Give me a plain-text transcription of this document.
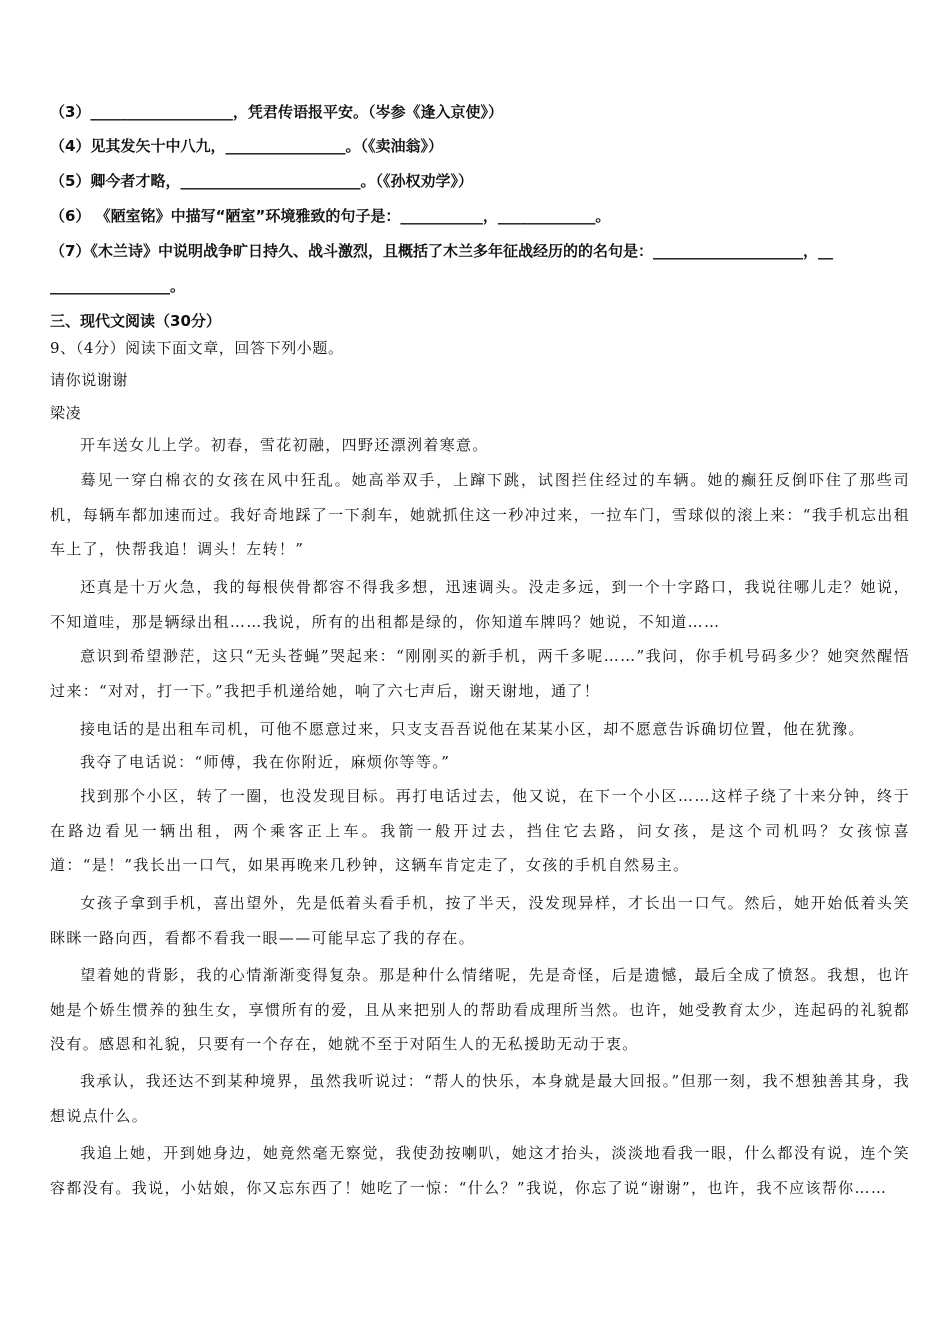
（3）___________________，凭君传语报平安。（岑参《逢入京使》）
（4）见其发矢十中八九，________________。（《卖油翁》）
（5）卿今者才略，________________________。（《孙权劝学》）
（6） 《陋室铭》中描写“陋室”环境雅致的句子是：___________，_____________。
（7）《木兰诗》中说明战争旷日持久、战斗激烈，且概括了木兰多年征战经历的的名句是：____________________，__
________________。
三、现代文阅读（30分）
9、（4分）阅读下面文章，回答下列小题。
请你说谢谢
梁凌
开车送女儿上学。初春，雪花初融，四野还漂洌着寒意。
蓦见一穿白棉衣的女孩在风中狂乱。她高举双手，上蹿下跳，试图拦住经过的车辆。她的癫狂反倒吓住了那些司机，每辆车都加速而过。我好奇地踩了一下刹车，她就抓住这一秒冲过来，一拉车门，雪球似的滚上来：“我手机忘出租车上了，快帮我追！调头！左转！”
还真是十万火急，我的每根侠骨都容不得我多想，迅速调头。没走多远，到一个十字路口，我说往哪儿走？她说，不知道哇，那是辆绿出租……我说，所有的出租都是绿的，你知道车牌吗？她说，不知道……
意识到希望渺茫，这只“无头苍蝇”哭起来：“刚刚买的新手机，两千多呢……”我问，你手机号码多少？她突然醒悟过来：“对对，打一下。”我把手机递给她，响了六七声后，谢天谢地，通了！
接电话的是出租车司机，可他不愿意过来，只支支吾吾说他在某某小区，却不愿意告诉确切位置，他在犹豫。
我夺了电话说：“师傅，我在你附近，麻烦你等等。”
找到那个小区，转了一圈，也没发现目标。再打电话过去，他又说，在下一个小区……这样子绕了十来分钟，终于在路边看见一辆出租，两个乘客正上车。我箭一般开过去，挡住它去路，问女孩，是这个司机吗？女孩惊喜道：“是！”我长出一口气，如果再晚来几秒钟，这辆车肯定走了，女孩的手机自然易主。
女孩子拿到手机，喜出望外，先是低着头看手机，按了半天，没发现异样，才长出一口气。然后，她开始低着头笑眯眯一路向西，看都不看我一眼——可能早忘了我的存在。
望着她的背影，我的心情渐渐变得复杂。那是种什么情绪呢，先是奇怪，后是遗憾，最后全成了愤怒。我想，也许她是个娇生惯养的独生女，享惯所有的爱，且从来把别人的帮助看成理所当然。也许，她受教育太少，连起码的礼貌都没有。感恩和礼貌，只要有一个存在，她就不至于对陌生人的无私援助无动于衷。
我承认，我还达不到某种境界，虽然我听说过：“帮人的快乐，本身就是最大回报。”但那一刻，我不想独善其身，我想说点什么。
我追上她，开到她身边，她竟然毫无察觉，我使劲按喇叭，她这才抬头，淡淡地看我一眼，什么都没有说，连个笑容都没有。我说，小姑娘，你又忘东西了！她吃了一惊：“什么？”我说，你忘了说“谢谢”，也许，我不应该帮你……
